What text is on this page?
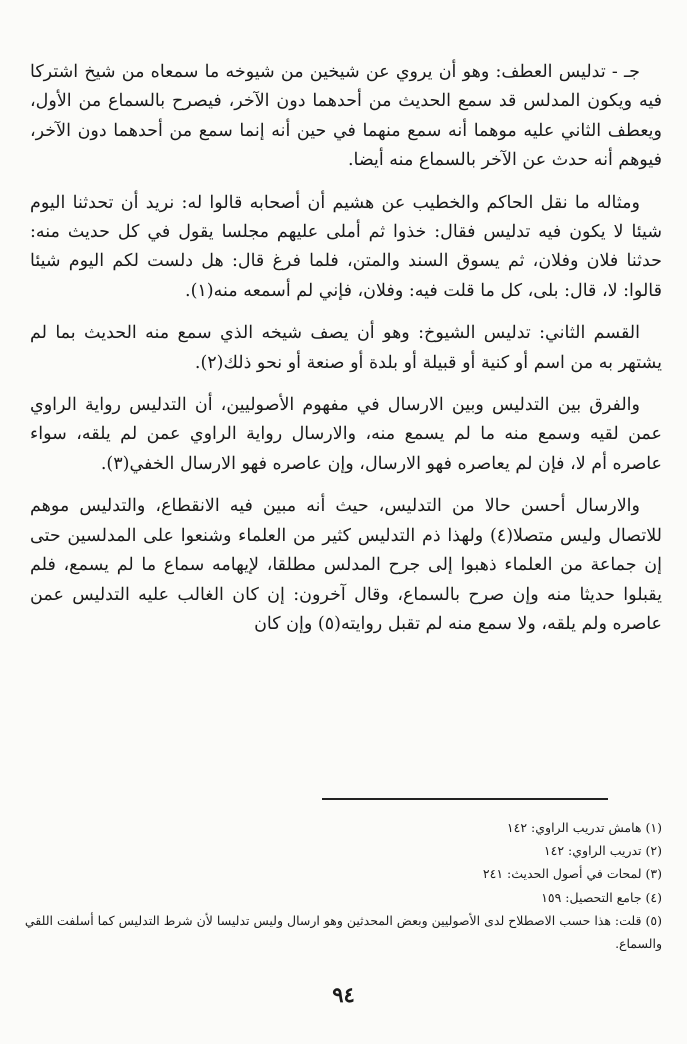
جـ - تدليس العطف: وهو أن يروي عن شيخين من شيوخه ما سمعاه من شيخ اشتركا فيه ويكون المدلس قد سمع الحديث من أحدهما دون الآخر، فيصرح بالسماع من الأول، ويعطف الثاني عليه موهما أنه سمع منهما في حين أنه إنما سمع من أحدهما دون الآخر، فيوهم أنه حدث عن الآخر بالسماع منه أيضا.

ومثاله ما نقل الحاكم والخطيب عن هشيم أن أصحابه قالوا له: نريد أن تحدثنا اليوم شيئا لا يكون فيه تدليس فقال: خذوا ثم أملى عليهم مجلسا يقول في كل حديث منه: حدثنا فلان وفلان، ثم يسوق السند والمتن، فلما فرغ قال: هل دلست لكم اليوم شيئا قالوا: لا، قال: بلى، كل ما قلت فيه: وفلان، فإني لم أسمعه منه(١).

القسم الثاني: تدليس الشيوخ: وهو أن يصف شيخه الذي سمع منه الحديث بما لم يشتهر به من اسم أو كنية أو قبيلة أو بلدة أو صنعة أو نحو ذلك(٢).

والفرق بين التدليس وبين الارسال في مفهوم الأصوليين، أن التدليس رواية الراوي عمن لقيه وسمع منه ما لم يسمع منه، والارسال رواية الراوي عمن لم يلقه، سواء عاصره أم لا، فإن لم يعاصره فهو الارسال، وإن عاصره فهو الارسال الخفي(٣).

والارسال أحسن حالا من التدليس، حيث أنه مبين فيه الانقطاع، والتدليس موهم للاتصال وليس متصلا(٤) ولهذا ذم التدليس كثير من العلماء وشنعوا على المدلسين حتى إن جماعة من العلماء ذهبوا إلى جرح المدلس مطلقا، لإيهامه سماع ما لم يسمع، فلم يقبلوا حديثا منه وإن صرح بالسماع، وقال آخرون: إن كان الغالب عليه التدليس عمن عاصره ولم يلقه، ولا سمع منه لم تقبل روايته(٥) وإن كان

(١) هامش تدريب الراوي: ١٤٢

(٢) تدريب الراوي: ١٤٢

(٣) لمحات في أصول الحديث: ٢٤١

(٤) جامع التحصيل: ١٥٩

(٥) قلت: هذا حسب الاصطلاح لدى الأصوليين وبعض المحدثين وهو ارسال وليس تدليسا لأن شرط التدليس كما أسلفت اللقي والسماع.

٩٤
